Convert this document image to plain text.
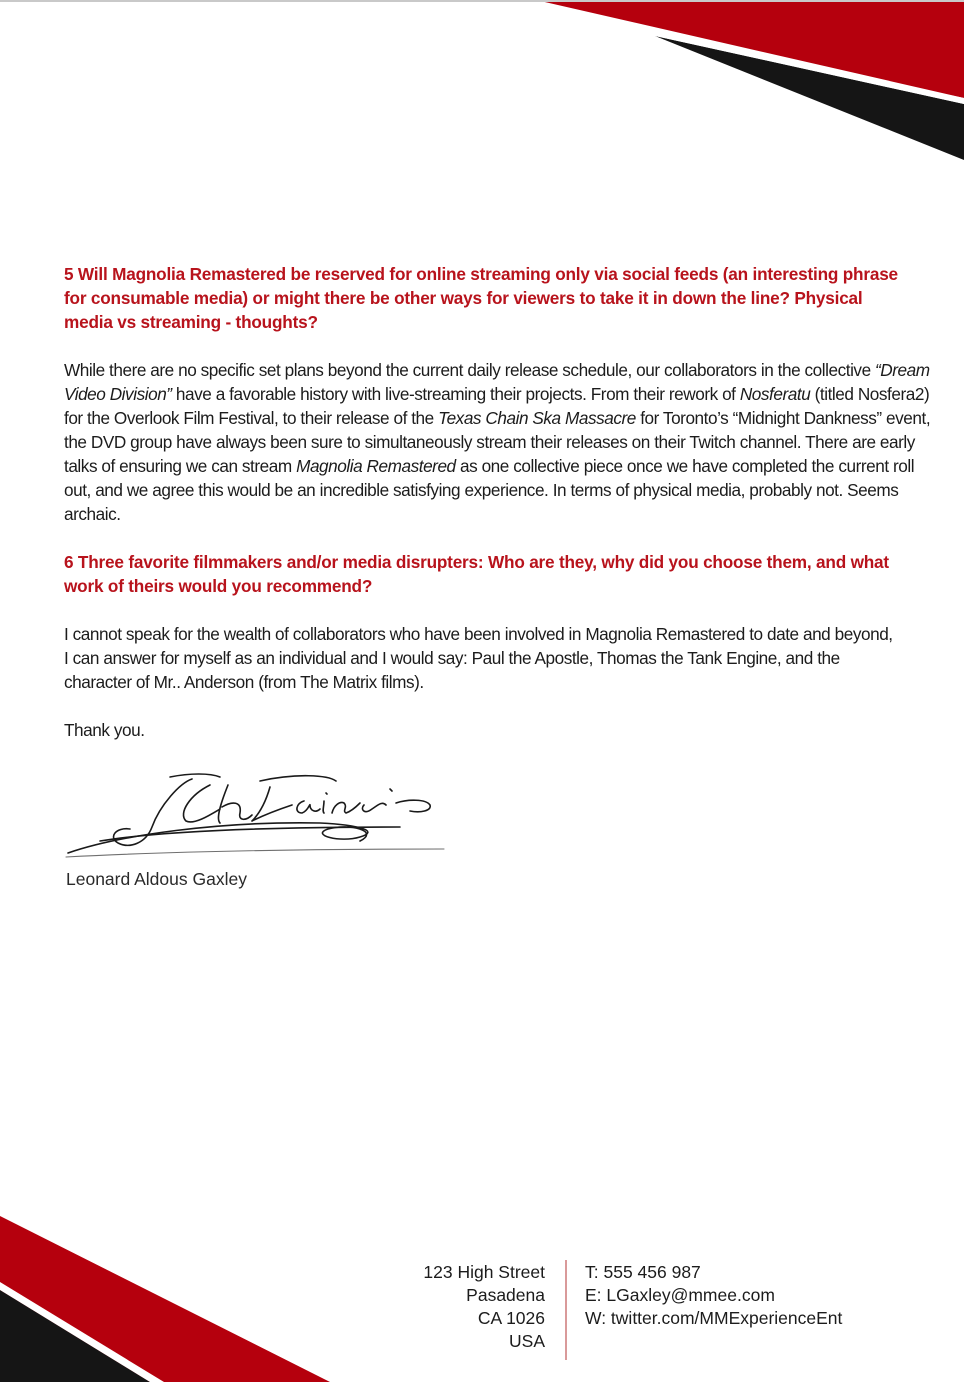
5 Will Magnolia Remastered be reserved for online streaming only via social feeds (an interesting phrase for consumable media) or might there be other ways for viewers to take it in down the line? Physical media vs streaming - thoughts?

While there are no specific set plans beyond the current daily release schedule, our collaborators in the collective “Dream Video Division” have a favorable history with live-streaming their projects. From their rework of Nosferatu (titled Nosfera2) for the Overlook Film Festival, to their release of the Texas Chain Ska Massacre for Toronto’s “Midnight Dankness” event, the DVD group have always been sure to simultaneously stream their releases on their Twitch channel. There are early talks of ensuring we can stream Magnolia Remastered as one collective piece once we have completed the current roll out, and we agree this would be an incredible satisfying experience. In terms of physical media, probably not. Seems archaic.

6 Three favorite filmmakers and/or media disrupters: Who are they, why did you choose them, and what work of theirs would you recommend?

I cannot speak for the wealth of collaborators who have been involved in Magnolia Remastered to date and beyond, I can answer for myself as an individual and I would say: Paul the Apostle, Thomas the Tank Engine, and the character of Mr.. Anderson (from The Matrix films).

Thank you.

Leonard Aldous Gaxley
123 High Street
Pasadena
CA 1026
USA
T: 555 456 987
E: LGaxley@mmee.com
W: twitter.com/MMExperienceEnt
